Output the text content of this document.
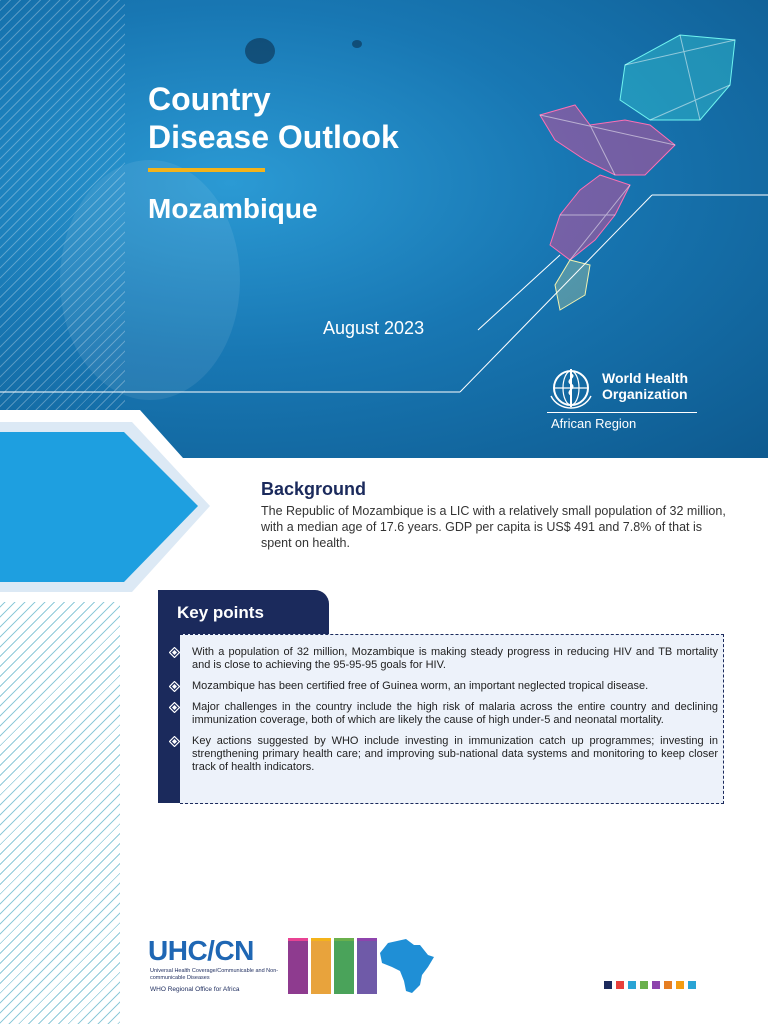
Country
Disease Outlook
Mozambique
August 2023
World Health
Organization
African Region
Background
The Republic of Mozambique is a LIC with a relatively small population of 32 million, with a median age of 17.6 years. GDP per capita is US$ 491 and 7.8% of that is spent on health.
Key points
With a population of 32 million, Mozambique is making steady progress in reducing HIV and TB mortality and is close to achieving the 95-95-95 goals for HIV.
Mozambique has been certified free of Guinea worm, an important neglected tropical disease.
Major challenges in the country include the high risk of malaria across the entire country and declining immunization coverage, both of which are likely the cause of high under-5 and neonatal mortality.
Key actions suggested by WHO include investing in immunization catch up programmes; investing in strengthening primary health care; and improving sub-national data systems and monitoring to keep closer track of health indicators.
UHC/CN
Universal Health Coverage/Communicable and Non-communicable Diseases
WHO Regional Office for Africa
